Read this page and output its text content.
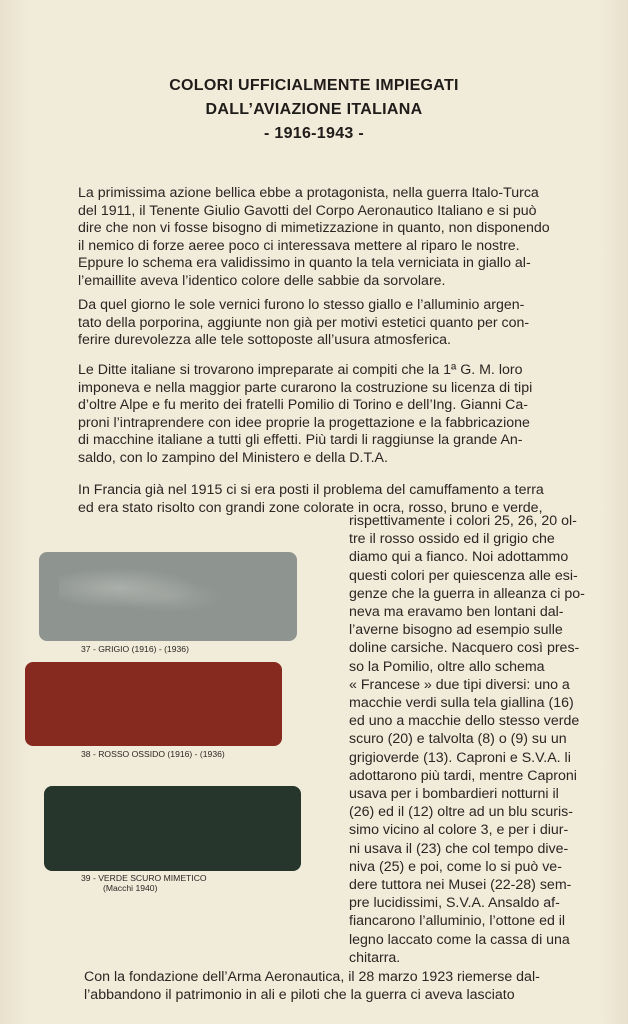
COLORI UFFICIALMENTE IMPIEGATI
DALL’AVIAZIONE ITALIANA
- 1916-1943 -

La primissima azione bellica ebbe a protagonista, nella guerra Italo-Turca
del 1911, il Tenente Giulio Gavotti del Corpo Aeronautico Italiano e si può
dire che non vi fosse bisogno di mimetizzazione in quanto, non disponendo
il nemico di forze aeree poco ci interessava mettere al riparo le nostre.
Eppure lo schema era validissimo in quanto la tela verniciata in giallo al-
l’emaillite aveva l’identico colore delle sabbie da sorvolare.

Da quel giorno le sole vernici furono lo stesso giallo e l’alluminio argen-
tato della porporina, aggiunte non già per motivi estetici quanto per con-
ferire durevolezza alle tele sottoposte all’usura atmosferica.

Le Ditte italiane si trovarono impreparate ai compiti che la 1ª G. M. loro
imponeva e nella maggior parte curarono la costruzione su licenza di tipi
d’oltre Alpe e fu merito dei fratelli Pomilio di Torino e dell’Ing. Gianni Ca-
proni l’intraprendere con idee proprie la progettazione e la fabbricazione
di macchine italiane a tutti gli effetti. Più tardi li raggiunse la grande An-
saldo, con lo zampino del Ministero e della D.T.A.

In Francia già nel 1915 ci si era posti il problema del camuffamento a terra
ed era stato risolto con grandi zone colorate in ocra, rosso, bruno e verde,

rispettivamente i colori 25, 26, 20 ol-
tre il rosso ossido ed il grigio che
diamo qui a fianco. Noi adottammo
questi colori per quiescenza alle esi-
genze che la guerra in alleanza ci po-
neva ma eravamo ben lontani dal-
l’averne bisogno ad esempio sulle
doline carsiche. Nacquero così pres-
so la Pomilio, oltre allo schema
« Francese » due tipi diversi: uno a
macchie verdi sulla tela giallina (16)
ed uno a macchie dello stesso verde
scuro (20) e talvolta (8) o (9) su un
grigioverde (13). Caproni e S.V.A. li
adottarono più tardi, mentre Caproni
usava per i bombardieri notturni il
(26) ed il (12) oltre ad un blu scuris-
simo vicino al colore 3, e per i diur-
ni usava il (23) che col tempo dive-
niva (25) e poi, come lo si può ve-
dere tuttora nei Musei (22-28) sem-
pre lucidissimi, S.V.A. Ansaldo af-
fiancarono l’alluminio, l’ottone ed il
legno laccato come la cassa di una
chitarra.
37 - GRIGIO (1916) - (1936)
38 - ROSSO OSSIDO (1916) - (1936)
39 - VERDE SCURO MIMETICO
(Macchi 1940)

Con la fondazione dell’Arma Aeronautica, il 28 marzo 1923 riemerse dal-
l’abbandono il patrimonio in ali e piloti che la guerra ci aveva lasciato
